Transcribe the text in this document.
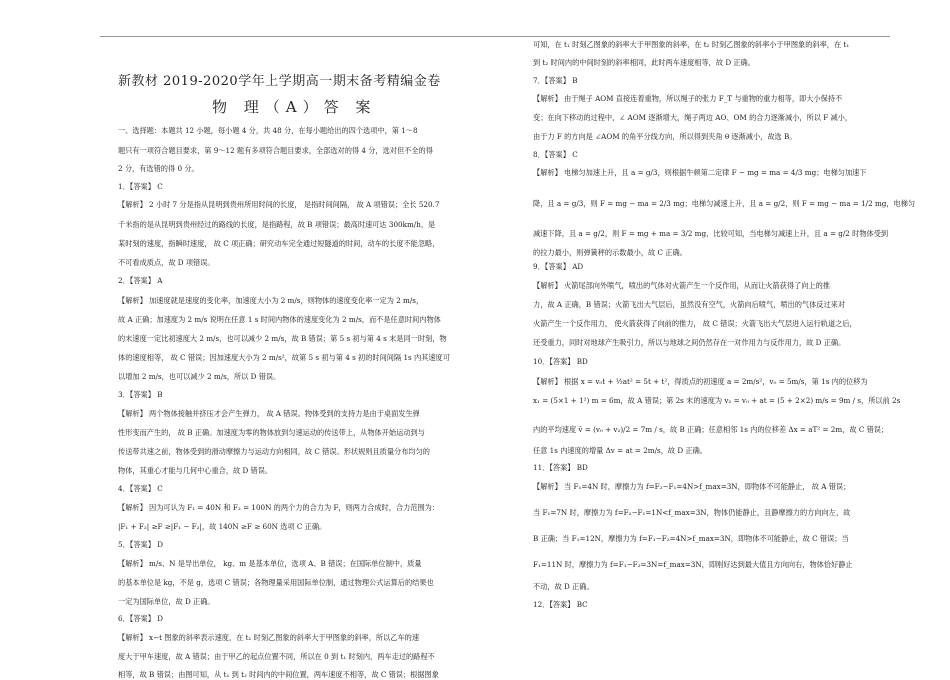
新教材 2019-2020学年上学期高一期末备考精编金卷
物 理（A）答 案
一、选择题：本题共 12 小题，每小题 4 分，共 48 分，在每小题给出的四个选项中，第 1～8
题只有一项符合题目要求，第 9～12 题有多项符合题目要求，全部选对的得 4 分，选对但不全的得
2 分，有选错的得 0 分。
1．【答案】 C
【解析】 2 小时 7 分是指从昆明到贵州所用时间的长度， 是指时间间隔， 故 A 项错误；全长 520.7
千米指的是从昆明到贵州经过的路线的长度，是指路程，故 B 项错误；最高时速可达 300km/h，是
某时刻的速度，指瞬时速度， 故 C 项正确；研究动车完全通过短隧道的时间，动车的长度不能忽略，
不可看成质点，故 D 项错误。
2．【答案】 A
【解析】 加速度就是速度的变化率，加速度大小为 2 m/s，则物体的速度变化率一定为 2 m/s，
故 A 正确；加速度为 2 m/s 说明在任意 1 s 时间内物体的速度变化为 2 m/s，而不是任意时间内物体
的末速度一定比初速度大 2 m/s，也可以减少 2 m/s，故 B 错误；第 5 s 初与第 4 s 末是同一时刻，物
体的速度相等， 故 C 错误；因加速度大小为 2 m/s²，故第 5 s 初与第 4 s 初的时间间隔 1s 内其速度可
以增加 2 m/s，也可以减少 2 m/s，所以 D 错误。
3．【答案】 B
【解析】 两个物体接触并挤压才会产生弹力， 故 A 错误。物体受到的支持力是由于桌面发生弹
性形变而产生的， 故 B 正确。加速度为零的物体放到匀速运动的传送带上，从物体开始运动到与
传送带共速之前，物体受到的滑动摩擦力与运动方向相同，故 C 错误。形状规则且质量分布均匀的
物体，其重心才能与几何中心重合，故 D 错误。
4．【答案】 C
【解析】 因为可认为 F₁ = 40N 和 F₂ = 100N 的两个力的合力为 F，则两力合成时，合力范围为：
|F₁ + F₂| ≥F ≥|F₁ − F₂|，故 140N ≥F ≥ 60N 选项 C 正确。
5．【答案】 D
【解析】 m/s、N 是导出单位， kg、m 是基本单位，选项 A、B 错误；在国际单位制中，质量
的基本单位是 kg，不是 g，选项 C 错误；各物理量采用国际单位制，通过物理公式运算后的结果也
一定为国际单位，故 D 正确。
6．【答案】 D
【解析】 x−t 图象的斜率表示速度，在 t₁ 时刻乙图象的斜率大于甲图象的斜率，所以乙车的速
度大于甲车速度，故 A 错误；由于甲乙的起点位置不同，所以在 0 到 t₁ 时刻内，两车走过的路程不
相等，故 B 错误；由图可知，从 t₁ 到 t₂ 时间内的中间位置，两车速度不相等，故 C 错误；根据图象
可知，在 t₁ 时刻乙图象的斜率大于甲图象的斜率，在 t₂ 时刻乙图象的斜率小于甲图象的斜率，在 t₁
到 t₂ 时间内的中间时刻的斜率相同，此时两车速度相等，故 D 正确。
7．【答案】 B
【解析】 由于绳子 AOM 直接连着重物，所以绳子的张力 F_T 与重物的重力相等，即大小保持不
变；在向下移动的过程中，∠ AOM 逐渐增大，绳子两边 AO、OM 的合力逐渐减小，所以 F 减小，
由于力 F 的方向是 ∠AOM 的角平分线方向，所以得到夹角 θ 逐渐减小，故选 B。
8．【答案】 C
【解析】 电梯匀加速上升，且 a = g/3，则根据牛顿第二定律 F − mg = ma = 4/3 mg；电梯匀加速下
降，且 a = g/3，则 F = mg − ma = 2/3 mg；电梯匀减速上升，且 a = g/2，则 F = mg − ma = 1/2 mg，电梯匀
减速下降，且 a = g/2，则 F = mg + ma = 3/2 mg，比较可知，当电梯匀减速上升，且 a = g/2 时物体受到
的拉力最小，则弹簧秤的示数最小，故 C 正确。
9．【答案】 AD
【解析】 火箭尾部向外喷气，喷出的气体对火箭产生一个反作用，从而让火箭获得了向上的推
力，故 A 正确，B 错误；火箭飞出大气层后，虽然没有空气，火箭向后喷气，喷出的气体反过来对
火箭产生一个反作用力， 使火箭获得了向前的推力， 故 C 错误；火箭飞出大气层进入运行轨道之后，
还受重力，同时对地球产生吸引力，所以与地球之间仍然存在一对作用力与反作用力，故 D 正确。
10．【答案】 BD
【解析】 根据 x = v₀t + ½at² = 5t + t²，得质点的初速度 a = 2m/s²，v₀ = 5m/s，第 1s 内的位移为
x₁ = (5×1 + 1²) m = 6m，故 A 错误；第 2s 末的速度为 v₂ = v₀ + at = (5 + 2×2) m/s = 9m / s，所以前 2s
内的平均速度 v̄ = (v₀ + v₂)/2 = 7m / s，故 B 正确；任意相邻 1s 内的位移差 Δx = aT² = 2m，故 C 错误；
任意 1s 内速度的增量 Δv = at = 2m/s，故 D 正确。
11．【答案】 BD
【解析】 当 F₁=4N 时，摩擦力为 f=F₂−F₁=4N>f_max=3N，即物体不可能静止， 故 A 错误；
当 F₁=7N 时，摩擦力为 f=F₂−F₁=1N<f_max=3N，物体仍能静止，且静摩擦力的方向向左，故
B 正确；当 F₁=12N，摩擦力为 f=F₁−F₂=4N>f_max=3N，即物体不可能静止，故 C 错误；当
F₁=11N 时，摩擦力为 f=F₁−F₂=3N=f_max=3N，即刚好达到最大值且方向向右，物体恰好静止
不动，故 D 正确。
12．【答案】 BC
